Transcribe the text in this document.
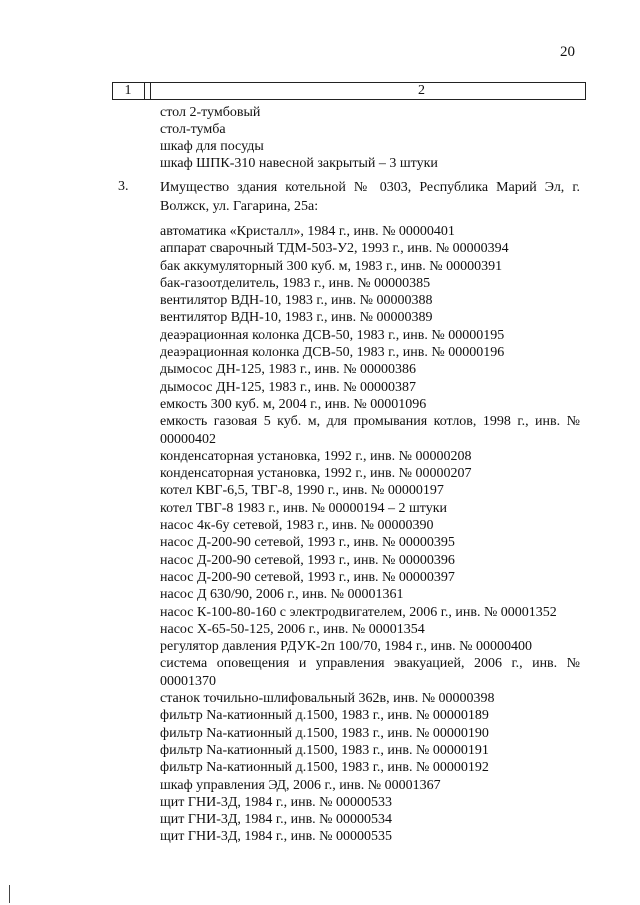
20
1	2
стол 2-тумбовый
стол-тумба
шкаф для посуды
шкаф ШПК-310 навесной закрытый – 3 штуки
3. Имущество здания котельной № 0303, Республика Марий Эл, г. Волжск, ул. Гагарина, 25а:
автоматика «Кристалл», 1984 г., инв. № 00000401
аппарат сварочный ТДМ-503-У2, 1993 г., инв. № 00000394
бак аккумуляторный 300 куб. м, 1983 г., инв. № 00000391
бак-газоотделитель, 1983 г., инв. № 00000385
вентилятор ВДН-10, 1983 г., инв. № 00000388
вентилятор ВДН-10, 1983 г., инв. № 00000389
деаэрационная колонка ДСВ-50, 1983 г., инв. № 00000195
деаэрационная колонка ДСВ-50, 1983 г., инв. № 00000196
дымосос ДН-125, 1983 г., инв. № 00000386
дымосос ДН-125, 1983 г., инв. № 00000387
емкость 300 куб. м, 2004 г., инв. № 00001096
емкость газовая 5 куб. м, для промывания котлов, 1998 г., инв. № 00000402
конденсаторная установка, 1992 г., инв. № 00000208
конденсаторная установка, 1992 г., инв. № 00000207
котел КВГ-6,5, ТВГ-8, 1990 г., инв. № 00000197
котел ТВГ-8 1983 г., инв. № 00000194 – 2 штуки
насос 4к-6у сетевой, 1983 г., инв. № 00000390
насос Д-200-90 сетевой, 1993 г., инв. № 00000395
насос Д-200-90 сетевой, 1993 г., инв. № 00000396
насос Д-200-90 сетевой, 1993 г., инв. № 00000397
насос Д 630/90, 2006 г., инв. № 00001361
насос К-100-80-160 с электродвигателем, 2006 г., инв. № 00001352
насос Х-65-50-125, 2006 г., инв. № 00001354
регулятор давления РДУК-2п 100/70, 1984 г., инв. № 00000400
система оповещения и управления эвакуацией, 2006 г., инв. № 00001370
станок точильно-шлифовальный 362в, инв. № 00000398
фильтр Na-катионный д.1500, 1983 г., инв. № 00000189
фильтр Na-катионный д.1500, 1983 г., инв. № 00000190
фильтр Na-катионный д.1500, 1983 г., инв. № 00000191
фильтр Na-катионный д.1500, 1983 г., инв. № 00000192
шкаф управления ЭД, 2006 г., инв. № 00001367
щит ГНИ-3Д, 1984 г., инв. № 00000533
щит ГНИ-3Д, 1984 г., инв. № 00000534
щит ГНИ-3Д, 1984 г., инв. № 00000535
